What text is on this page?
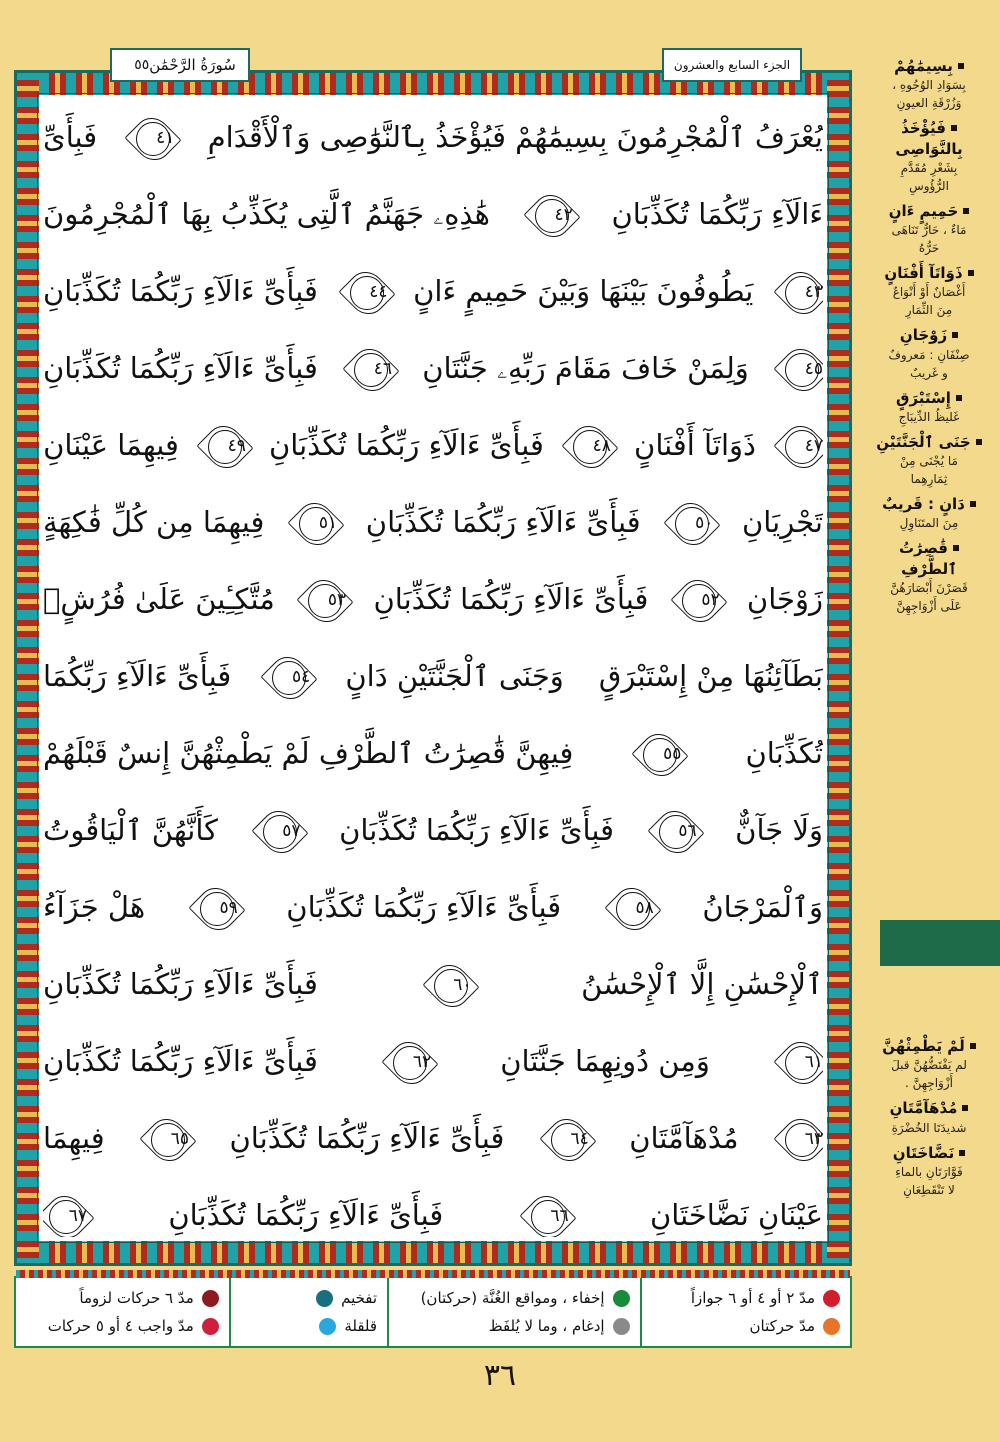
سُورَةُ الرَّحْمَٰن
٥٥	الجزء السابع والعشرون
يُعْرَفُ ٱلْمُجْرِمُونَ بِسِيمَٰهُمْ فَيُؤْخَذُ بِٱلنَّوَٰصِى وَٱلْأَقْدَامِ
٤١
فَبِأَىِّ
ءَالَآءِ رَبِّكُمَا تُكَذِّبَانِ
٤٢
هَٰذِهِۦ جَهَنَّمُ ٱلَّتِى يُكَذِّبُ بِهَا ٱلْمُجْرِمُونَ
٤٣
يَطُوفُونَ بَيْنَهَا وَبَيْنَ حَمِيمٍ ءَانٍ
٤٤
فَبِأَىِّ ءَالَآءِ رَبِّكُمَا تُكَذِّبَانِ
٤٥
وَلِمَنْ خَافَ مَقَامَ رَبِّهِۦ جَنَّتَانِ
٤٦
فَبِأَىِّ ءَالَآءِ رَبِّكُمَا تُكَذِّبَانِ
٤٧
ذَوَاتَآ أَفْنَانٍ
٤٨
فَبِأَىِّ ءَالَآءِ رَبِّكُمَا تُكَذِّبَانِ
٤٩
فِيهِمَا عَيْنَانِ
تَجْرِيَانِ
٥٠
فَبِأَىِّ ءَالَآءِ رَبِّكُمَا تُكَذِّبَانِ
٥١
فِيهِمَا مِن كُلِّ فَٰكِهَةٍ
زَوْجَانِ
٥٢
فَبِأَىِّ ءَالَآءِ رَبِّكُمَا تُكَذِّبَانِ
٥٣
مُتَّكِـِٔينَ عَلَىٰ فُرُشٍۭ
بَطَآئِنُهَا مِنْ إِسْتَبْرَقٍ
وَجَنَى ٱلْجَنَّتَيْنِ دَانٍ
٥٤
فَبِأَىِّ ءَالَآءِ رَبِّكُمَا
تُكَذِّبَانِ
٥٥
فِيهِنَّ قَٰصِرَٰتُ ٱلطَّرْفِ لَمْ يَطْمِثْهُنَّ إِنسٌ قَبْلَهُمْ
وَلَا جَآنٌّ
٥٦
فَبِأَىِّ ءَالَآءِ رَبِّكُمَا تُكَذِّبَانِ
٥٧
كَأَنَّهُنَّ ٱلْيَاقُوتُ
وَٱلْمَرْجَانُ
٥٨
فَبِأَىِّ ءَالَآءِ رَبِّكُمَا تُكَذِّبَانِ
٥٩
هَلْ جَزَآءُ
ٱلْإِحْسَٰنِ إِلَّا ٱلْإِحْسَٰنُ
٦٠
فَبِأَىِّ ءَالَآءِ رَبِّكُمَا تُكَذِّبَانِ
٦١
وَمِن دُونِهِمَا جَنَّتَانِ
٦٢
فَبِأَىِّ ءَالَآءِ رَبِّكُمَا تُكَذِّبَانِ
٦٣
مُدْهَآمَّتَانِ
٦٤
فَبِأَىِّ ءَالَآءِ رَبِّكُمَا تُكَذِّبَانِ
٦٥
فِيهِمَا
عَيْنَانِ نَضَّاخَتَانِ
٦٦
فَبِأَىِّ ءَالَآءِ رَبِّكُمَا تُكَذِّبَانِ
٦٧
بِسِيمَٰهُمْ
بِسَوَادِ الوُجُوهِ ،
وَزُرْقَةِ العيونِ
فَيُؤْخَذُ
بِالنَّوَاصِى
بِشَعْرِ مُقَدَّمِ
الرُّؤُوسِ
حَمِيمٍ ءَانٍ
مَاءٌ ، حَارٌّ تَنَاهَى
حَرُّهُ
ذَوَاتَآ أَفْنَانٍ
أَغْصَانٌ أَوْ أَنْوَاعٌ
مِنَ الثِّمَارِ
زَوْجَانِ
صِنْفَانِ : مَعروفٌ
و غَريبٌ
إِسْتَبْرَقٍ
غَليظُ الدِّيبَاجِ
جَنَى ٱلْجَنَّتَيْنِ
مَا يُجْنَى مِنْ
ثِمَارِهِما
دَانٍ : قَريبٌ
مِنَ المتَنَاوِلِ
قَٰصِرَٰتُ
ٱلطَّرْفِ
قَصَرْنَ أَبْصَارَهُنَّ
عَلَى أَزْوَاجِهِنَّ
لَمْ يَطْمِثْهُنَّ
لم يَفْتَضُّهُنَّ قبلَ
أَزْوَاجِهِنَّ .
مُدْهَآمَّتَانِ
شديدَتَا الخُضْرَةِ
نَضَّاخَتَانِ
فَوَّارَتَانِ بالماءِ
لا تَنْقَطِعَانِ
مدّ ٢ أو ٤ أو ٦ جوازاً
مدّ حركتان
إخفاء ، ومواقع الغُنَّة (حركتان)
إدغام ، وما لا يُلفَظ
تفخيم
قلقلة
مدّ ٦ حركات لزوماً
مدّ واجب ٤ أو ٥ حركات
٣٦
